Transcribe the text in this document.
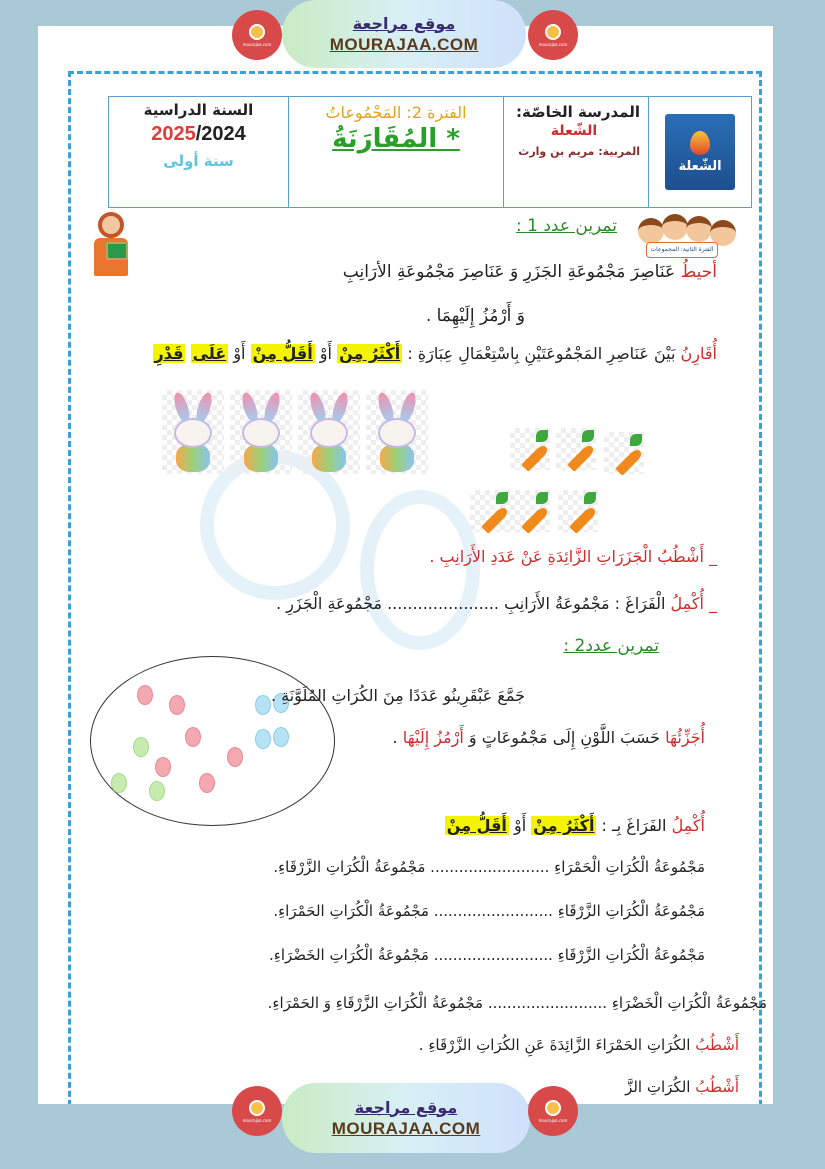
mourajaa.com
موقع مراجعة
MOURAJAA.COM	mourajaa.com
الشّعلة
المدرسة الخاصّة:
الشّعلة
المربية: مريم بن وارث
الفترة 2: المَجْمُوعاتُ
* المُقَارَنَةُ
السنة الدراسية
2025/2024
سنة أولى
الفترة الثانية: المجموعات
تمرين عدد 1 :
أحيطُ عَنَاصِرَ مَجْمُوعَةِ الجَزَرِ وَ عَنَاصِرَ مَجْمُوعَةِ الأرَانِبِ
وَ أَرْمُزُ إِلَيْهِمَا .
أُقَارِنُ بَيْنَ عَنَاصِرِ المَجْمُوعَتَيْنِ بِاسْتِعْمَالِ عِبَارَةِ : أَكْثَرُ مِنْ أَوْ أَقَلُّ مِنْ أَوْ عَلَى قَدْرِ
_ أَشْطُبُ الْجَزَرَاتِ الزَّائِدَةِ عَنْ عَدَدِ الأَرَانِبِ .
_ أُكْمِلُ الْفَرَاغَ : مَجْمُوعَةُ الأَرَانِبِ ...................... مَجْمُوعَةِ الْجَزَرِ .
تمرين عدد2 :
جَمَّعَ عَبْقَرِينُو عَدَدًا مِنَ الكُرَاتِ المُلَوَّنَةِ .
أُجَزِّئُهَا حَسَبَ اللَّوْنِ إِلَى مَجْمُوعَاتٍ وَ أَرْمُزُ إِلَيْهَا .
أُكْمِلُ الفَرَاغَ بِـ : أَكْثَرُ مِنْ أَوْ أَقَلُّ مِنْ
مَجْمُوعَةُ الْكُرَاتِ الْحَمْرَاءِ ......................... مَجْمُوعَةُ الْكُرَاتِ الزَّرْقَاءِ.
مَجْمُوعَةُ الْكُرَاتِ الزَّرْقَاءِ ......................... مَجْمُوعَةُ الْكُرَاتِ الحَمْرَاءِ.
مَجْمُوعَةُ الْكُرَاتِ الزَّرْقَاءِ ......................... مَجْمُوعَةُ الْكُرَاتِ الخَضْرَاءِ.
مَجْمُوعَةُ الْكُرَاتِ الْخَضْرَاءِ ......................... مَجْمُوعَةُ الْكُرَاتِ الزَّرْقَاءِ وَ الحَمْرَاءِ.
أَشْطُبُ الكُرَاتِ الحَمْرَاءَ الزَّائِدَةَ عَنِ الكُرَاتِ الزَّرْقَاءِ .
أَشْطُبُ الكُرَاتِ الزَّ
mourajaa.com
موقع مراجعة
MOURAJAA.COM	mourajaa.com
